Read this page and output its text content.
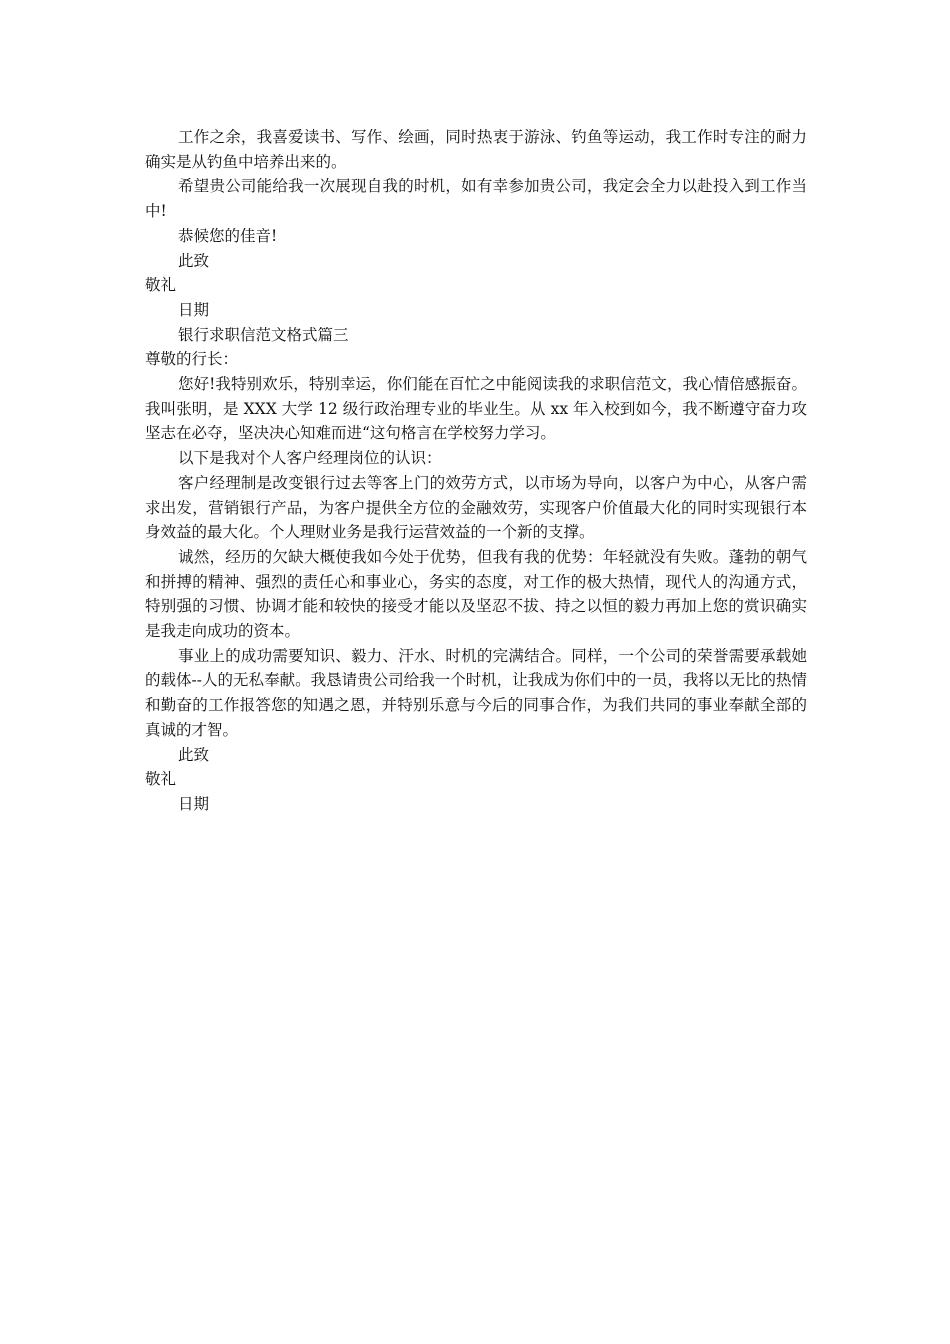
工作之余，我喜爱读书、写作、绘画，同时热衷于游泳、钓鱼等运动，我工作时专注的耐力确实是从钓鱼中培养出来的。

希望贵公司能给我一次展现自我的时机，如有幸参加贵公司，我定会全力以赴投入到工作当中!

恭候您的佳音!

此致

敬礼

日期

银行求职信范文格式篇三

尊敬的行长：

您好!我特别欢乐，特别幸运，你们能在百忙之中能阅读我的求职信范文，我心情倍感振奋。我叫张明，是 XXX 大学 12 级行政治理专业的毕业生。从 xx 年入校到如今，我不断遵守奋力攻坚志在必夺，坚决决心知难而进“这句格言在学校努力学习。

以下是我对个人客户经理岗位的认识：

客户经理制是改变银行过去等客上门的效劳方式，以市场为导向，以客户为中心，从客户需求出发，营销银行产品，为客户提供全方位的金融效劳，实现客户价值最大化的同时实现银行本身效益的最大化。个人理财业务是我行运营效益的一个新的支撑。

诚然，经历的欠缺大概使我如今处于优势，但我有我的优势：年轻就没有失败。蓬勃的朝气和拼搏的精神、强烈的责任心和事业心，务实的态度，对工作的极大热情，现代人的沟通方式，特别强的习惯、协调才能和较快的接受才能以及坚忍不拔、持之以恒的毅力再加上您的赏识确实是我走向成功的资本。

事业上的成功需要知识、毅力、汗水、时机的完满结合。同样，一个公司的荣誉需要承载她的载体--人的无私奉献。我恳请贵公司给我一个时机，让我成为你们中的一员，我将以无比的热情和勤奋的工作报答您的知遇之恩，并特别乐意与今后的同事合作，为我们共同的事业奉献全部的真诚的才智。

此致

敬礼

日期
